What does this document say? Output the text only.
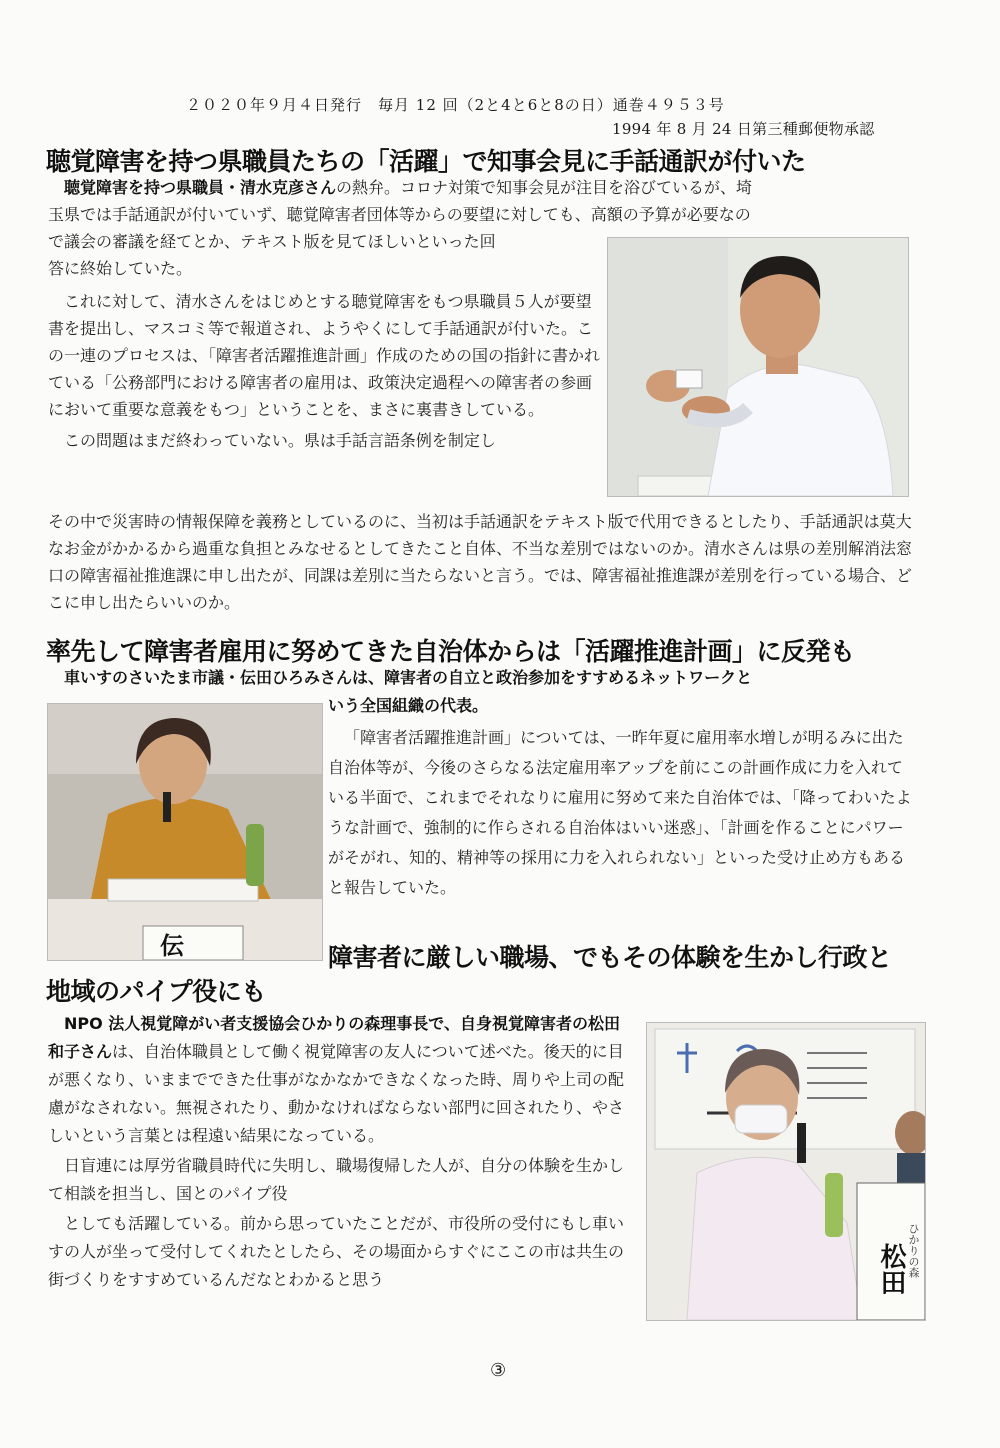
２０２０年９月４日発行　毎月 12 回（2と4と6と8の日）通巻４９５３号
1994 年 8 月 24 日第三種郵便物承認
聴覚障害を持つ県職員たちの「活躍」で知事会見に手話通訳が付いた

聴覚障害を持つ県職員・清水克彦さんの熱弁。コロナ対策で知事会見が注目を浴びているが、埼

玉県では手話通訳が付いていず、聴覚障害者団体等からの要望に対しても、高額の予算が必要なの

で議会の審議を経てとか、テキスト版を見てほしいといった回

答に終始していた。

これに対して、清水さんをはじめとする聴覚障害をもつ県職員５人が要望書を提出し、マスコミ等で報道され、ようやくにして手話通訳が付いた。この一連のプロセスは、「障害者活躍推進計画」作成のための国の指針に書かれている「公務部門における障害者の雇用は、政策決定過程への障害者の参画において重要な意義をもつ」ということを、まさに裏書きしている。

この問題はまだ終わっていない。県は手話言語条例を制定し

その中で災害時の情報保障を義務としているのに、当初は手話通訳をテキスト版で代用できるとしたり、手話通訳は莫大なお金がかかるから過重な負担とみなせるとしてきたこと自体、不当な差別ではないのか。清水さんは県の差別解消法窓口の障害福祉推進課に申し出たが、同課は差別に当たらないと言う。では、障害福祉推進課が差別を行っている場合、どこに申し出たらいいのか。
率先して障害者雇用に努めてきた自治体からは「活躍推進計画」に反発も

車いすのさいたま市議・伝田ひろみさんは、障害者の自立と政治参加をすすめるネットワークと

いう全国組織の代表。

「障害者活躍推進計画」については、一昨年夏に雇用率水増しが明るみに出た自治体等が、今後のさらなる法定雇用率アップを前にこの計画作成に力を入れている半面で、これまでそれなりに雇用に努めて来た自治体では、「降ってわいたような計画で、強制的に作らされる自治体はいい迷惑」、「計画を作ることにパワーがそがれ、知的、精神等の採用に力を入れられない」といった受け止め方もあると報告していた。

伝	障害者に厳しい職場、でもその体験を生かし行政と
地域のパイプ役にも

NPO 法人視覚障がい者支援協会ひかりの森理事長で、自身視覚障害者の松田和子さんは、自治体職員として働く視覚障害の友人について述べた。後天的に目が悪くなり、いままでできた仕事がなかなかできなくなった時、周りや上司の配慮がなされない。無視されたり、動かなければならない部門に回されたり、やさしいという言葉とは程遠い結果になっている。

日盲連には厚労省職員時代に失明し、職場復帰した人が、自分の体験を生かして相談を担当し、国とのパイプ役

としても活躍している。前から思っていたことだが、市役所の受付にもし車いすの人が坐って受付してくれたとしたら、その場面からすぐにここの市は共生の街づくりをすすめているんだなとわかると思う	松田 ひかりの森
③
